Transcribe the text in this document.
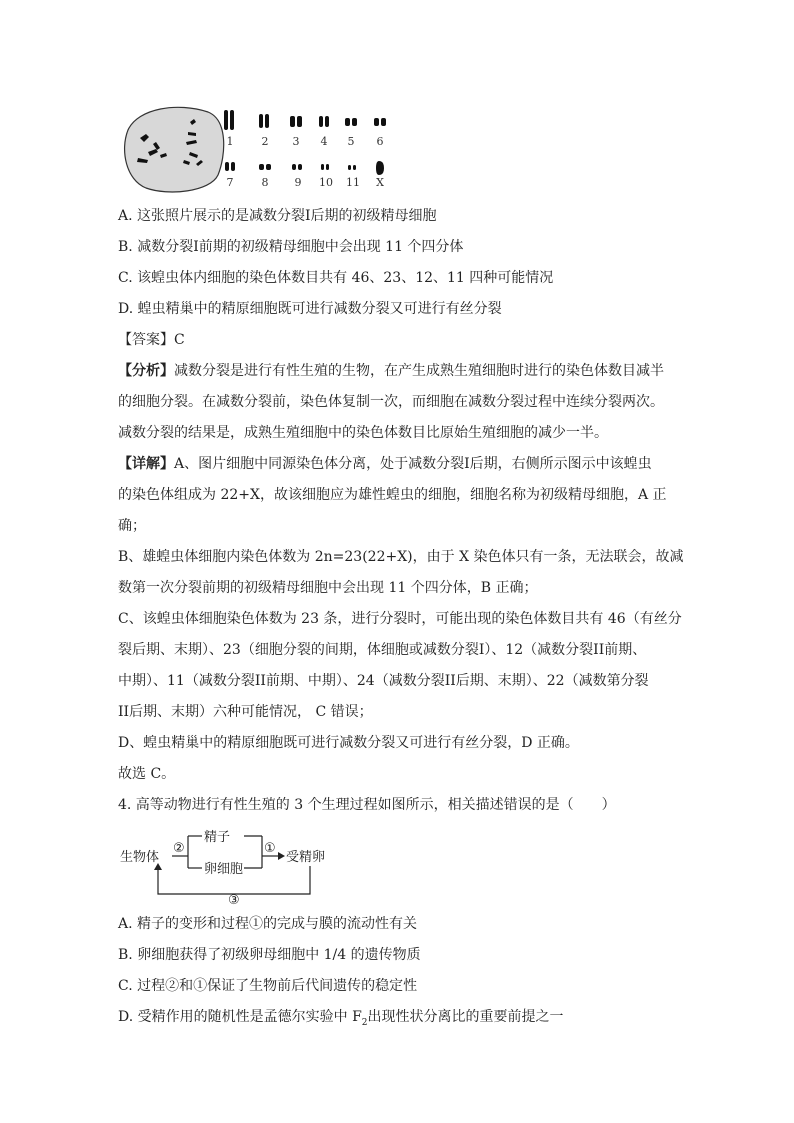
1	2 3 4 5 6
7	8 9 10 11 X
A. 这张照片展示的是减数分裂Ⅰ后期的初级精母细胞
B. 减数分裂Ⅰ前期的初级精母细胞中会出现 11 个四分体
C. 该蝗虫体内细胞的染色体数目共有 46、23、12、11 四种可能情况
D. 蝗虫精巢中的精原细胞既可进行减数分裂又可进行有丝分裂
【答案】C
【分析】减数分裂是进行有性生殖的生物，在产生成熟生殖细胞时进行的染色体数目减半
的细胞分裂。在减数分裂前，染色体复制一次，而细胞在减数分裂过程中连续分裂两次。
减数分裂的结果是，成熟生殖细胞中的染色体数目比原始生殖细胞的减少一半。
【详解】A、图片细胞中同源染色体分离，处于减数分裂Ⅰ后期，右侧所示图示中该蝗虫
的染色体组成为 22+X，故该细胞应为雄性蝗虫的细胞，细胞名称为初级精母细胞，A 正
确；
B、雄蝗虫体细胞内染色体数为 2n=23(22+X)，由于 X 染色体只有一条，无法联会，故减
数第一次分裂前期的初级精母细胞中会出现 11 个四分体，B 正确；
C、该蝗虫体细胞染色体数为 23 条，进行分裂时，可能出现的染色体数目共有 46（有丝分
裂后期、末期）、23（细胞分裂的间期，体细胞或减数分裂Ⅰ）、12（减数分裂ⅠⅠ前期、
中期）、11（减数分裂ⅠⅠ前期、中期）、24（减数分裂ⅠⅠ后期、末期）、22（减数第分裂
ⅠⅠ后期、末期）六种可能情况， C 错误；
D、蝗虫精巢中的精原细胞既可进行减数分裂又可进行有丝分裂，D 正确。
故选 C。
4. 高等动物进行有性生殖的 3 个生理过程如图所示，相关描述错误的是（　　）
生物体
精子
卵细胞
受精卵
②	①
③
A. 精子的变形和过程①的完成与膜的流动性有关
B. 卵细胞获得了初级卵母细胞中 1/4 的遗传物质
C. 过程②和①保证了生物前后代间遗传的稳定性
D. 受精作用的随机性是孟德尔实验中 $F_2$出现性状分离比的重要前提之一
